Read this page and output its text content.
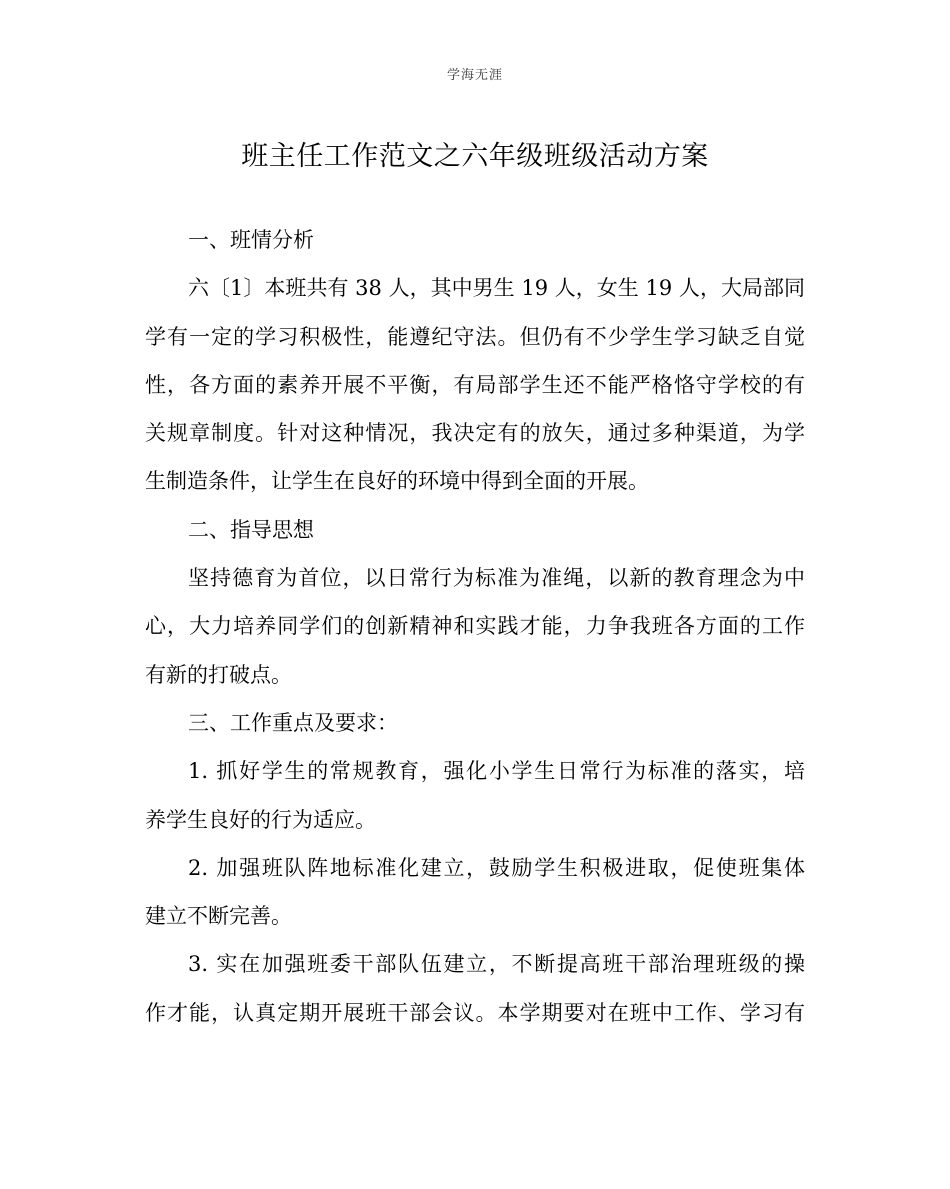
学海无涯
班主任工作范文之六年级班级活动方案
一、班情分析
六〔1〕本班共有 38 人，其中男生 19 人，女生 19 人，大局部同
学有一定的学习积极性，能遵纪守法。但仍有不少学生学习缺乏自觉
性，各方面的素养开展不平衡，有局部学生还不能严格恪守学校的有
关规章制度。针对这种情况，我决定有的放矢，通过多种渠道，为学
生制造条件，让学生在良好的环境中得到全面的开展。
二、指导思想
坚持德育为首位，以日常行为标准为准绳，以新的教育理念为中
心，大力培养同学们的创新精神和实践才能，力争我班各方面的工作
有新的打破点。
三、工作重点及要求：
1. 抓好学生的常规教育，强化小学生日常行为标准的落实，培
养学生良好的行为适应。
2. 加强班队阵地标准化建立，鼓励学生积极进取，促使班集体
建立不断完善。
3. 实在加强班委干部队伍建立，不断提高班干部治理班级的操
作才能，认真定期开展班干部会议。本学期要对在班中工作、学习有
